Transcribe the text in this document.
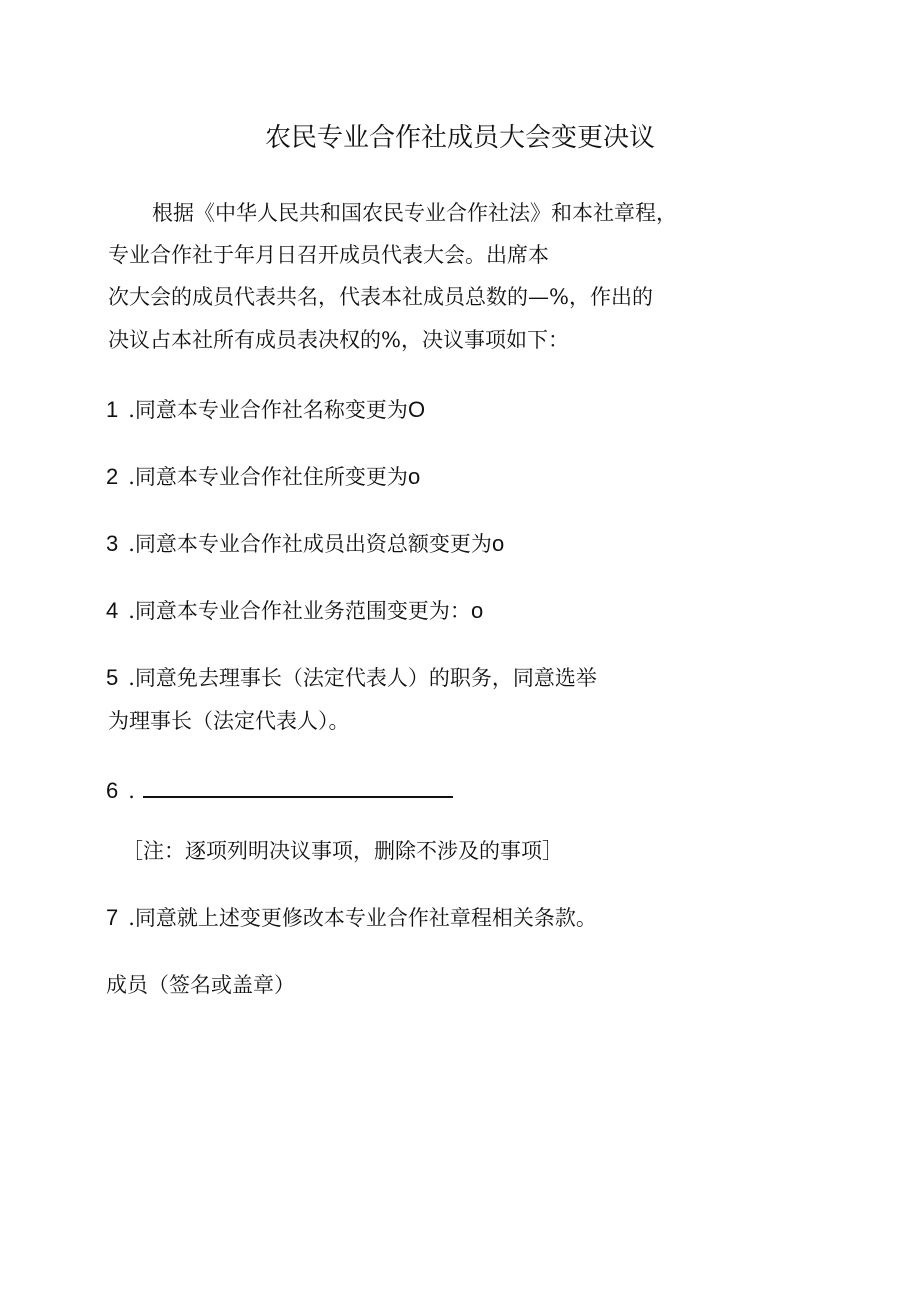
农民专业合作社成员大会变更决议
根据《中华人民共和国农民专业合作社法》和本社章程，
专业合作社于年月日召开成员代表大会。出席本
次大会的成员代表共名，代表本社成员总数的—%，作出的
决议占本社所有成员表决权的%，决议事项如下：
1 .同意本专业合作社名称变更为O
2 .同意本专业合作社住所变更为o
3 .同意本专业合作社成员出资总额变更为o
4 .同意本专业合作社业务范围变更为：o
5 .同意免去理事长（法定代表人）的职务，同意选举
为理事长（法定代表人）。
6 .
［注：逐项列明决议事项，删除不涉及的事项］
7 .同意就上述变更修改本专业合作社章程相关条款。
成员（签名或盖章）
